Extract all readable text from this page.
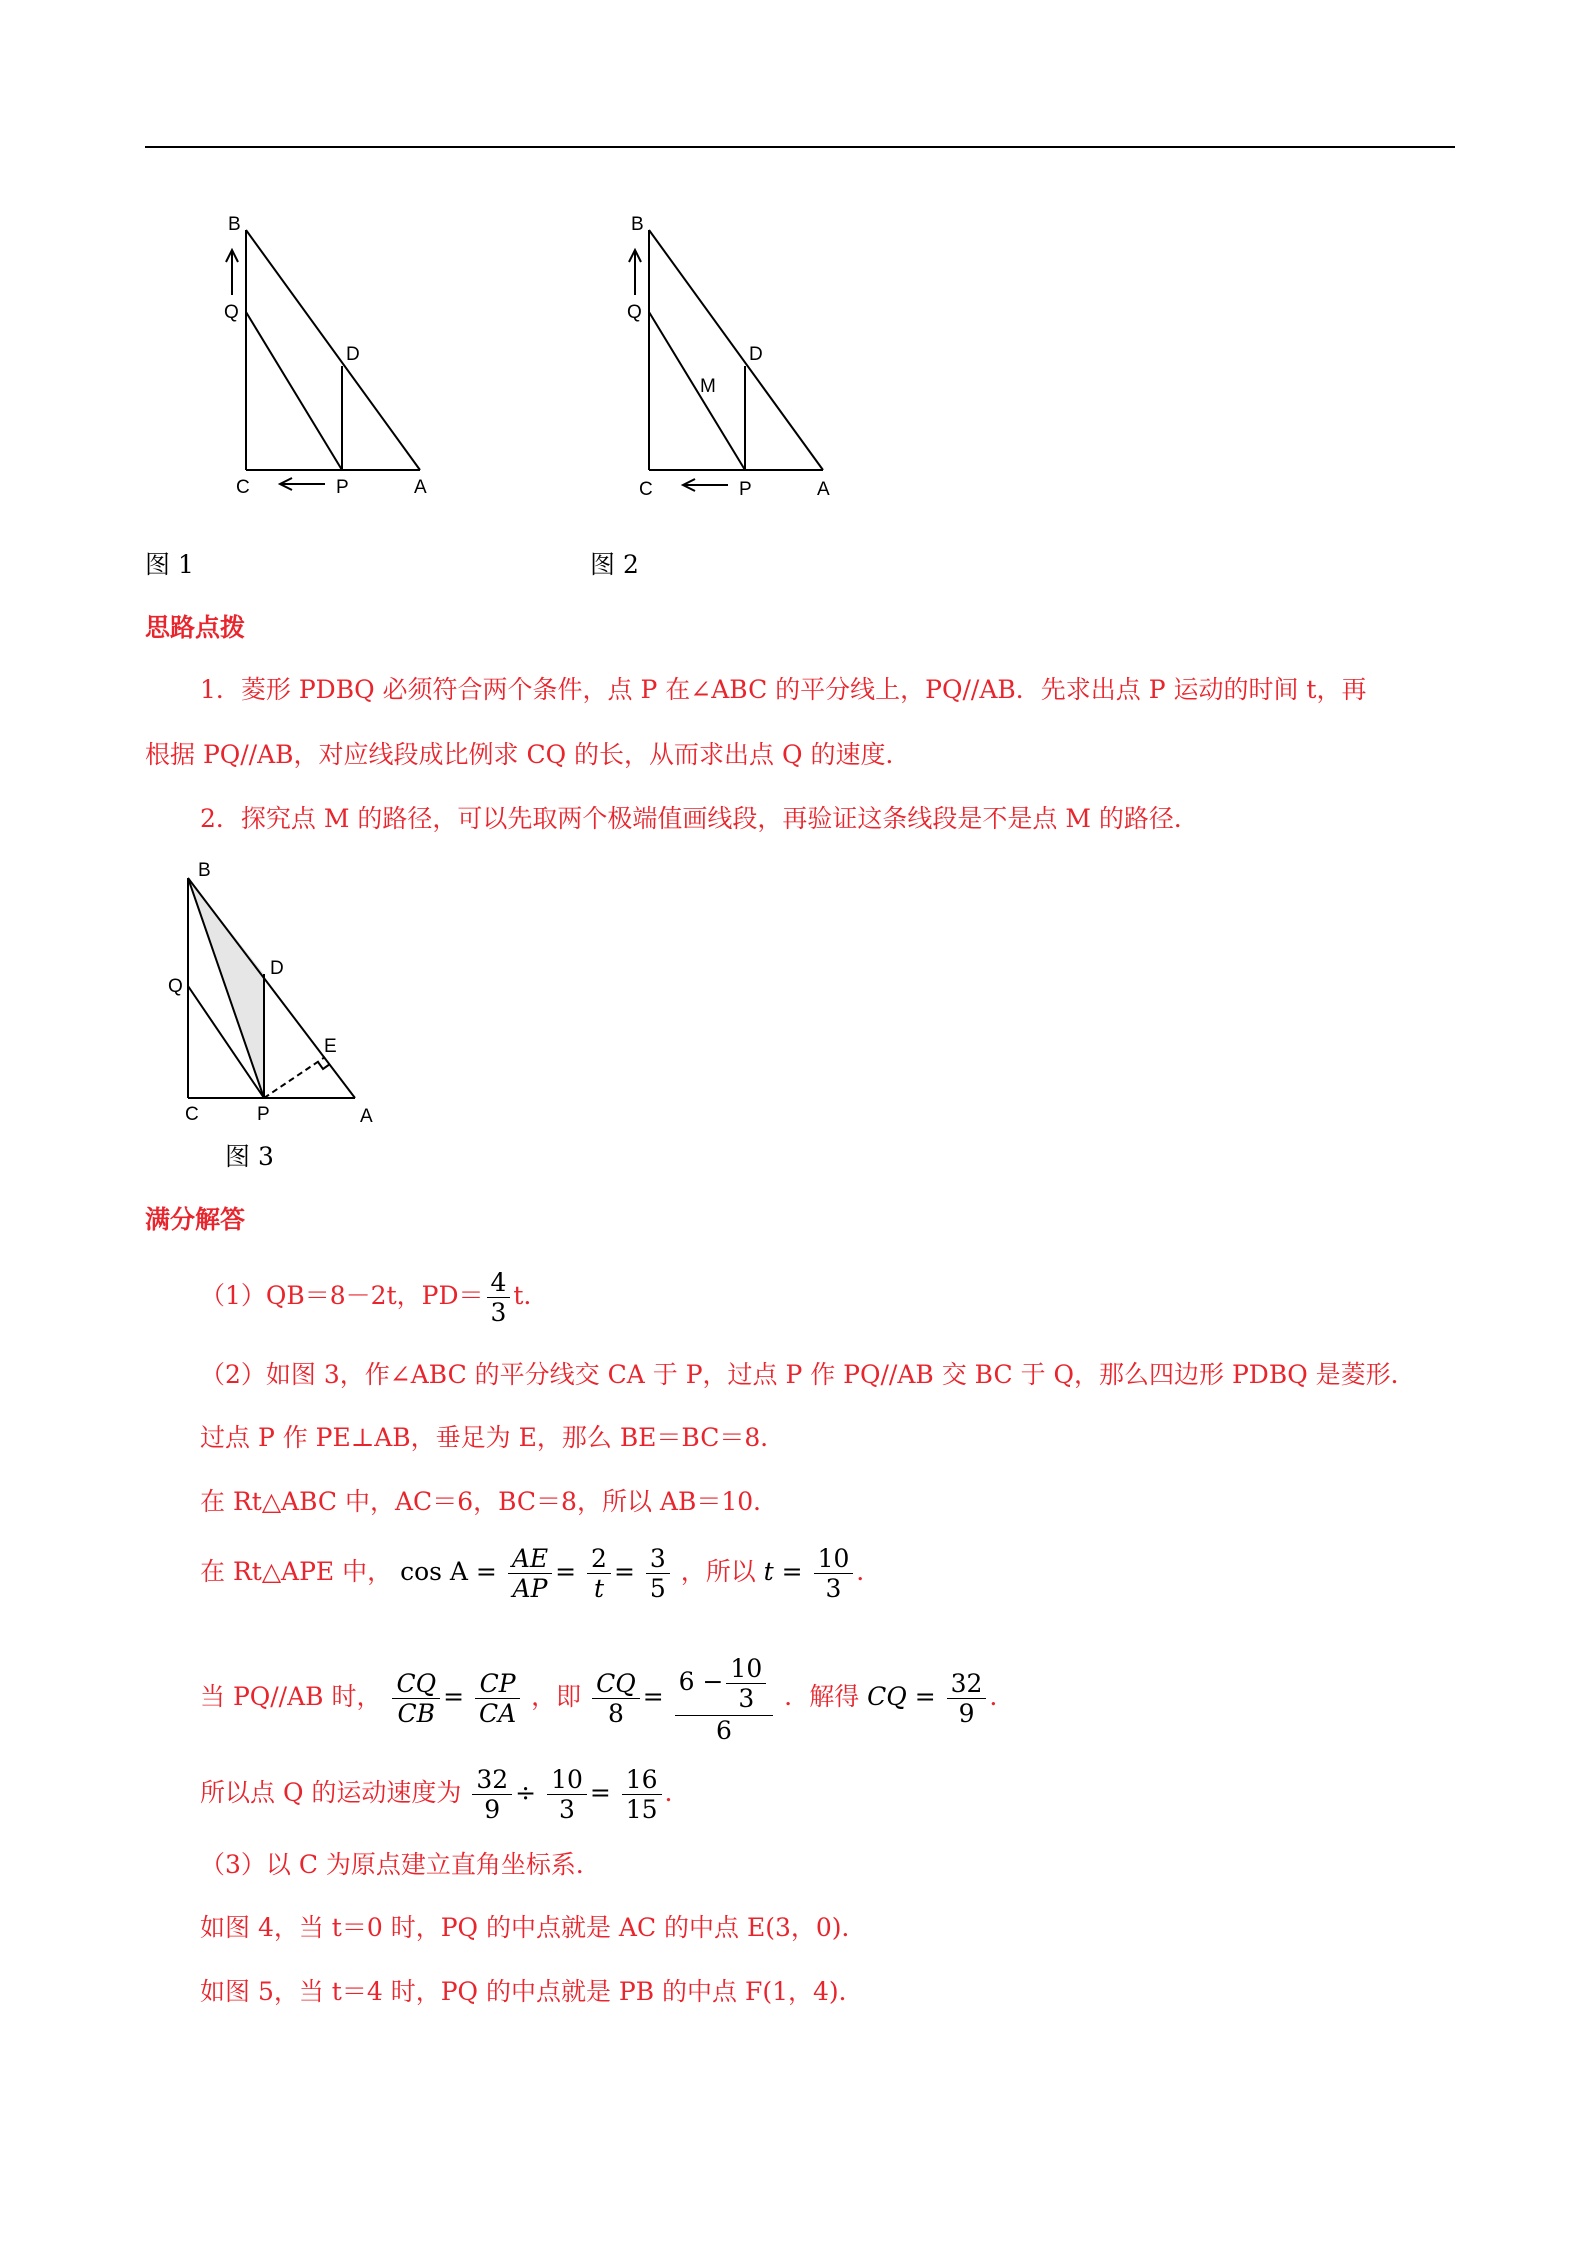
B
Q
D
C	P	A
图 1
B
Q
D
M
C	P	A
图 2
思路点拨
1．菱形 PDBQ 必须符合两个条件，点 P 在∠ABC 的平分线上，PQ//AB．先求出点 P 运动的时间 t，再
根据 PQ//AB，对应线段成比例求 CQ 的长，从而求出点 Q 的速度．
2．探究点 M 的路径，可以先取两个极端值画线段，再验证这条线段是不是点 M 的路径．
B
Q
D
E
C	P	A
图 3
满分解答
（1）QB＝8－2t，$PD= \frac{4}{3}$ t．
（2）如图 3，作∠ABC 的平分线交 CA 于 P，过点 P 作 PQ//AB 交 BC 于 Q，那么四边形 PDBQ 是菱形．
过点 P 作 PE⊥AB，垂足为 E，那么 BE＝BC＝8．
在 Rt△ABC 中，AC＝6，BC＝8，所以 AB＝10．
在 Rt△APE 中， $\cos A = \frac{AE}{AP} = \frac{2}{t} = \frac{3}{5}$ ，所以 $t = \frac{10}{3}$ ．
当 PQ//AB 时， $\frac{CQ}{CB} = \frac{CP}{CA}$ ，即 $\frac{CQ}{8} = \frac{6 - \frac{10}{3}}{6}$ ．解得 CQ = $\frac{32}{9}$ ．
所以点 Q 的运动速度为 $\frac{32}{9} \div \frac{10}{3} = \frac{16}{15}$ ．
（3）以 C 为原点建立直角坐标系．
如图 4，当 t＝0 时，PQ 的中点就是 AC 的中点 E(3，0)．
如图 5，当 t＝4 时，PQ 的中点就是 PB 的中点 F(1，4)．
